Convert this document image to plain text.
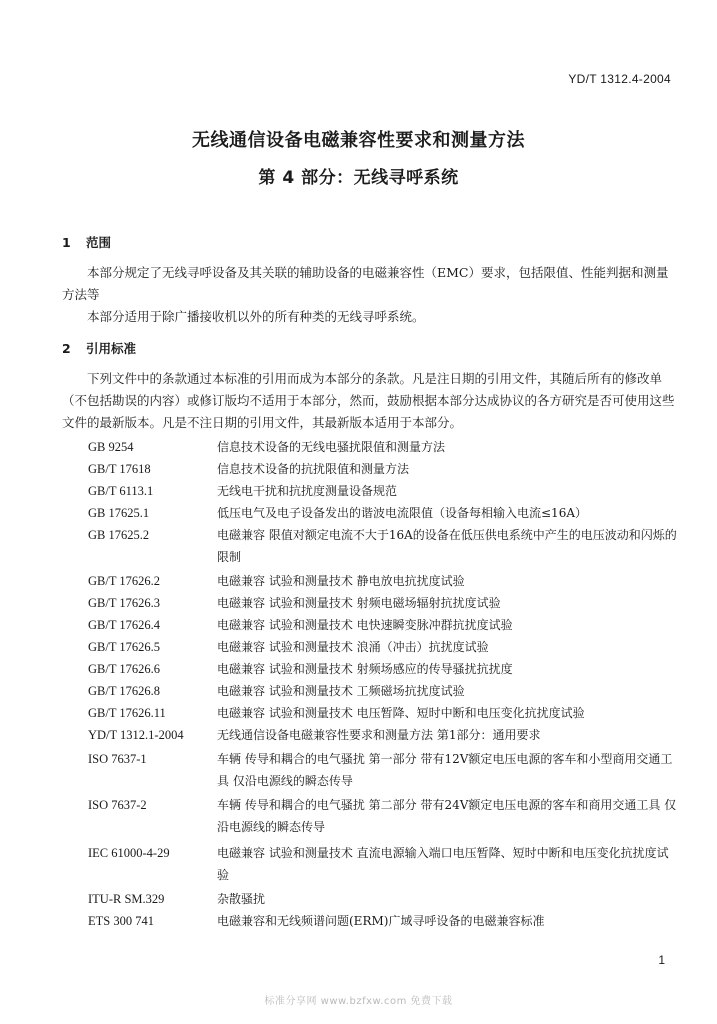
YD/T 1312.4-2004
无线通信设备电磁兼容性要求和测量方法
第 4 部分：无线寻呼系统
1 范围

本部分规定了无线寻呼设备及其关联的辅助设备的电磁兼容性（EMC）要求，包括限值、性能判据和测量方法等

本部分适用于除广播接收机以外的所有种类的无线寻呼系统。

2 引用标准

下列文件中的条款通过本标准的引用而成为本部分的条款。凡是注日期的引用文件，其随后所有的修改单（不包括勘误的内容）或修订版均不适用于本部分，然而，鼓励根据本部分达成协议的各方研究是否可使用这些文件的最新版本。凡是不注日期的引用文件，其最新版本适用于本部分。

GB 9254	信息技术设备的无线电骚扰限值和测量方法
GB/T 17618	信息技术设备的抗扰限值和测量方法
GB/T 6113.1	无线电干扰和抗扰度测量设备规范
GB 17625.1	低压电气及电子设备发出的谐波电流限值（设备每相输入电流≤16A）
GB 17625.2	电磁兼容 限值对额定电流不大于16A的设备在低压供电系统中产生的电压波动和闪烁的限制
GB/T 17626.2	电磁兼容 试验和测量技术 静电放电抗扰度试验
GB/T 17626.3	电磁兼容 试验和测量技术 射频电磁场辐射抗扰度试验
GB/T 17626.4	电磁兼容 试验和测量技术 电快速瞬变脉冲群抗扰度试验
GB/T 17626.5	电磁兼容 试验和测量技术 浪涌（冲击）抗扰度试验
GB/T 17626.6	电磁兼容 试验和测量技术 射频场感应的传导骚扰抗扰度
GB/T 17626.8	电磁兼容 试验和测量技术 工频磁场抗扰度试验
GB/T 17626.11	电磁兼容 试验和测量技术 电压暂降、短时中断和电压变化抗扰度试验
YD/T 1312.1-2004	无线通信设备电磁兼容性要求和测量方法 第1部分：通用要求
ISO 7637-1	车辆 传导和耦合的电气骚扰 第一部分 带有12V额定电压电源的客车和小型商用交通工具 仅沿电源线的瞬态传导
ISO 7637-2	车辆 传导和耦合的电气骚扰 第二部分 带有24V额定电压电源的客车和商用交通工具 仅沿电源线的瞬态传导
IEC 61000-4-29	电磁兼容 试验和测量技术 直流电源输入端口电压暂降、短时中断和电压变化抗扰度试验
ITU-R SM.329	杂散骚扰
ETS 300 741	电磁兼容和无线频谱问题(ERM)广域寻呼设备的电磁兼容标准
1
标准分享网 www.bzfxw.com 免费下载
